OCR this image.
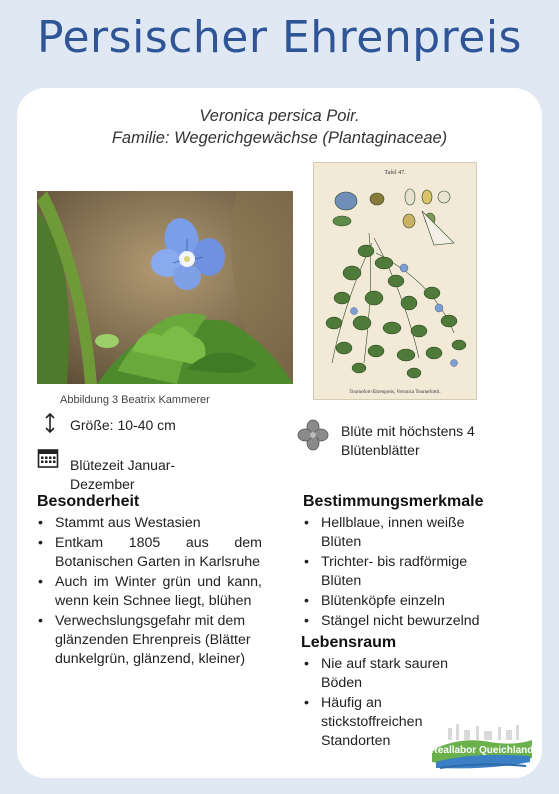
Persischer Ehrenpreis
Veronica persica Poir.
Familie: Wegerichgewächse (Plantaginaceae)
Abbildung 3 Beatrix Kammerer
Tafel 47.
Tournefort-Ehrenpreis, Veronica Tournefortii.
Größe: 10-40 cm
Blütezeit Januar-Dezember
Blüte mit höchstens 4 Blütenblätter
Besonderheit
• Stammt aus Westasien
• Entkam 1805 aus dem Botanischen Garten in Karlsruhe
• Auch im Winter grün und kann, wenn kein Schnee liegt, blühen
• Verwechslungsgefahr mit dem glänzenden Ehrenpreis (Blätter dunkelgrün, glänzend, kleiner)
Bestimmungsmerkmale
• Hellblaue, innen weiße Blüten
• Trichter- bis radförmige Blüten
• Blütenköpfe einzeln
• Stängel nicht bewurzelnd
Lebensraum
• Nie auf stark sauren Böden
• Häufig an stickstoffreichen Standorten
Reallabor Queichland
